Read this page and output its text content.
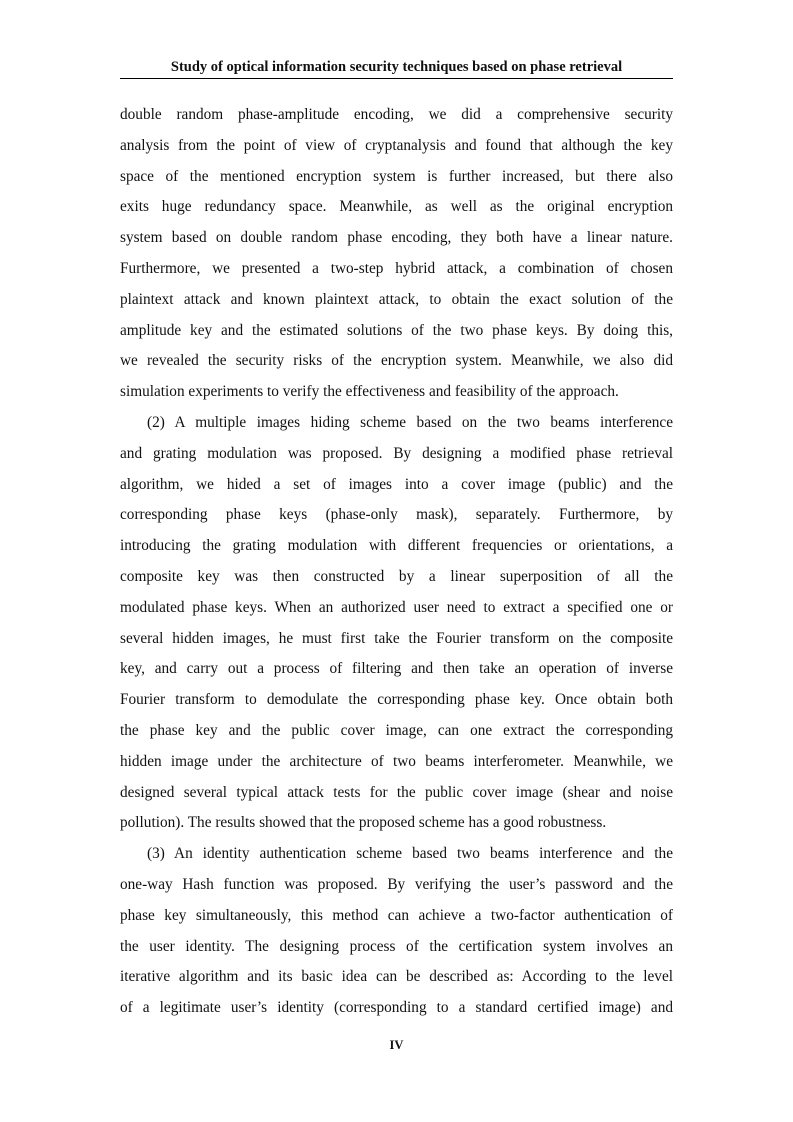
Study of optical information security techniques based on phase retrieval
double random phase-amplitude encoding, we did a comprehensive security
analysis from the point of view of cryptanalysis and found that although the key
space of the mentioned encryption system is further increased, but there also
exits huge redundancy space. Meanwhile, as well as the original encryption
system based on double random phase encoding, they both have a linear nature.
Furthermore, we presented a two-step hybrid attack, a combination of chosen
plaintext attack and known plaintext attack, to obtain the exact solution of the
amplitude key and the estimated solutions of the two phase keys. By doing this,
we revealed the security risks of the encryption system. Meanwhile, we also did
simulation experiments to verify the effectiveness and feasibility of the approach.
(2) A multiple images hiding scheme based on the two beams interference
and grating modulation was proposed. By designing a modified phase retrieval
algorithm, we hided a set of images into a cover image (public) and the
corresponding phase keys (phase-only mask), separately. Furthermore, by
introducing the grating modulation with different frequencies or orientations, a
composite key was then constructed by a linear superposition of all the
modulated phase keys. When an authorized user need to extract a specified one or
several hidden images, he must first take the Fourier transform on the composite
key, and carry out a process of filtering and then take an operation of inverse
Fourier transform to demodulate the corresponding phase key. Once obtain both
the phase key and the public cover image, can one extract the corresponding
hidden image under the architecture of two beams interferometer. Meanwhile, we
designed several typical attack tests for the public cover image (shear and noise
pollution). The results showed that the proposed scheme has a good robustness.
(3) An identity authentication scheme based two beams interference and the
one-way Hash function was proposed. By verifying the user’s password and the
phase key simultaneously, this method can achieve a two-factor authentication of
the user identity. The designing process of the certification system involves an
iterative algorithm and its basic idea can be described as: According to the level
of a legitimate user’s identity (corresponding to a standard certified image) and
IV
